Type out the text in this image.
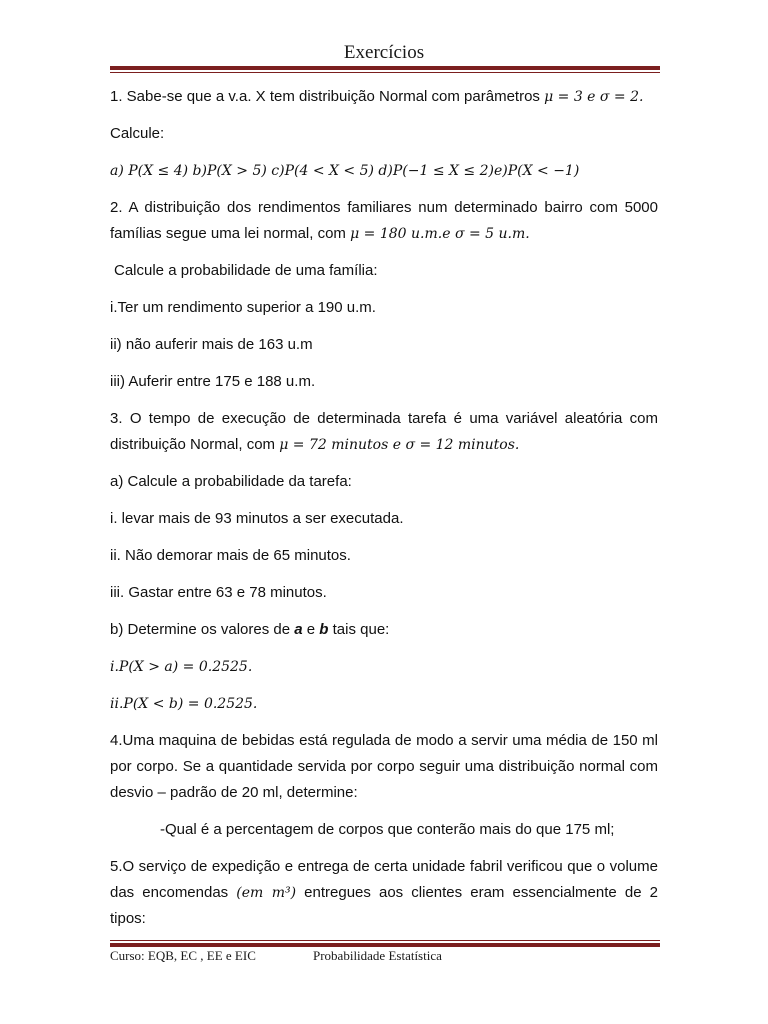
Exercícios

1. Sabe-se que a v.a. X tem distribuição Normal com parâmetros μ = 3 e σ = 2.

Calcule:

a) P(X ≤ 4) b)P(X > 5) c)P(4 < X < 5) d)P(−1 ≤ X ≤ 2)e)P(X < −1)

2. A distribuição dos rendimentos familiares num determinado bairro com 5000 famílias segue uma lei normal, com μ = 180 u.m.e σ = 5 u.m.

Calcule a probabilidade de uma família:

i.Ter um rendimento superior a 190 u.m.

ii) não auferir mais de 163 u.m

iii) Auferir entre 175 e 188 u.m.

3. O tempo de execução de determinada tarefa é uma variável aleatória com distribuição Normal, com μ = 72 minutos e σ = 12 minutos.

a) Calcule a probabilidade da tarefa:

i. levar mais de 93 minutos a ser executada.

ii. Não demorar mais de 65 minutos.

iii. Gastar entre 63 e 78 minutos.

b) Determine os valores de a e b tais que:

i.P(X > a) = 0.2525.

ii.P(X < b) = 0.2525.

4.Uma maquina de bebidas está regulada de modo a servir uma média de 150 ml por corpo. Se a quantidade servida por corpo seguir uma distribuição normal com desvio – padrão de 20 ml, determine:

-Qual é a percentagem de corpos que conterão mais do que 175 ml;

5.O serviço de expedição e entrega de certa unidade fabril verificou que o volume das encomendas (em m³) entregues aos clientes eram essencialmente de 2 tipos:

Curso: EQB, EC , EE e EIC	Probabilidade Estatística
